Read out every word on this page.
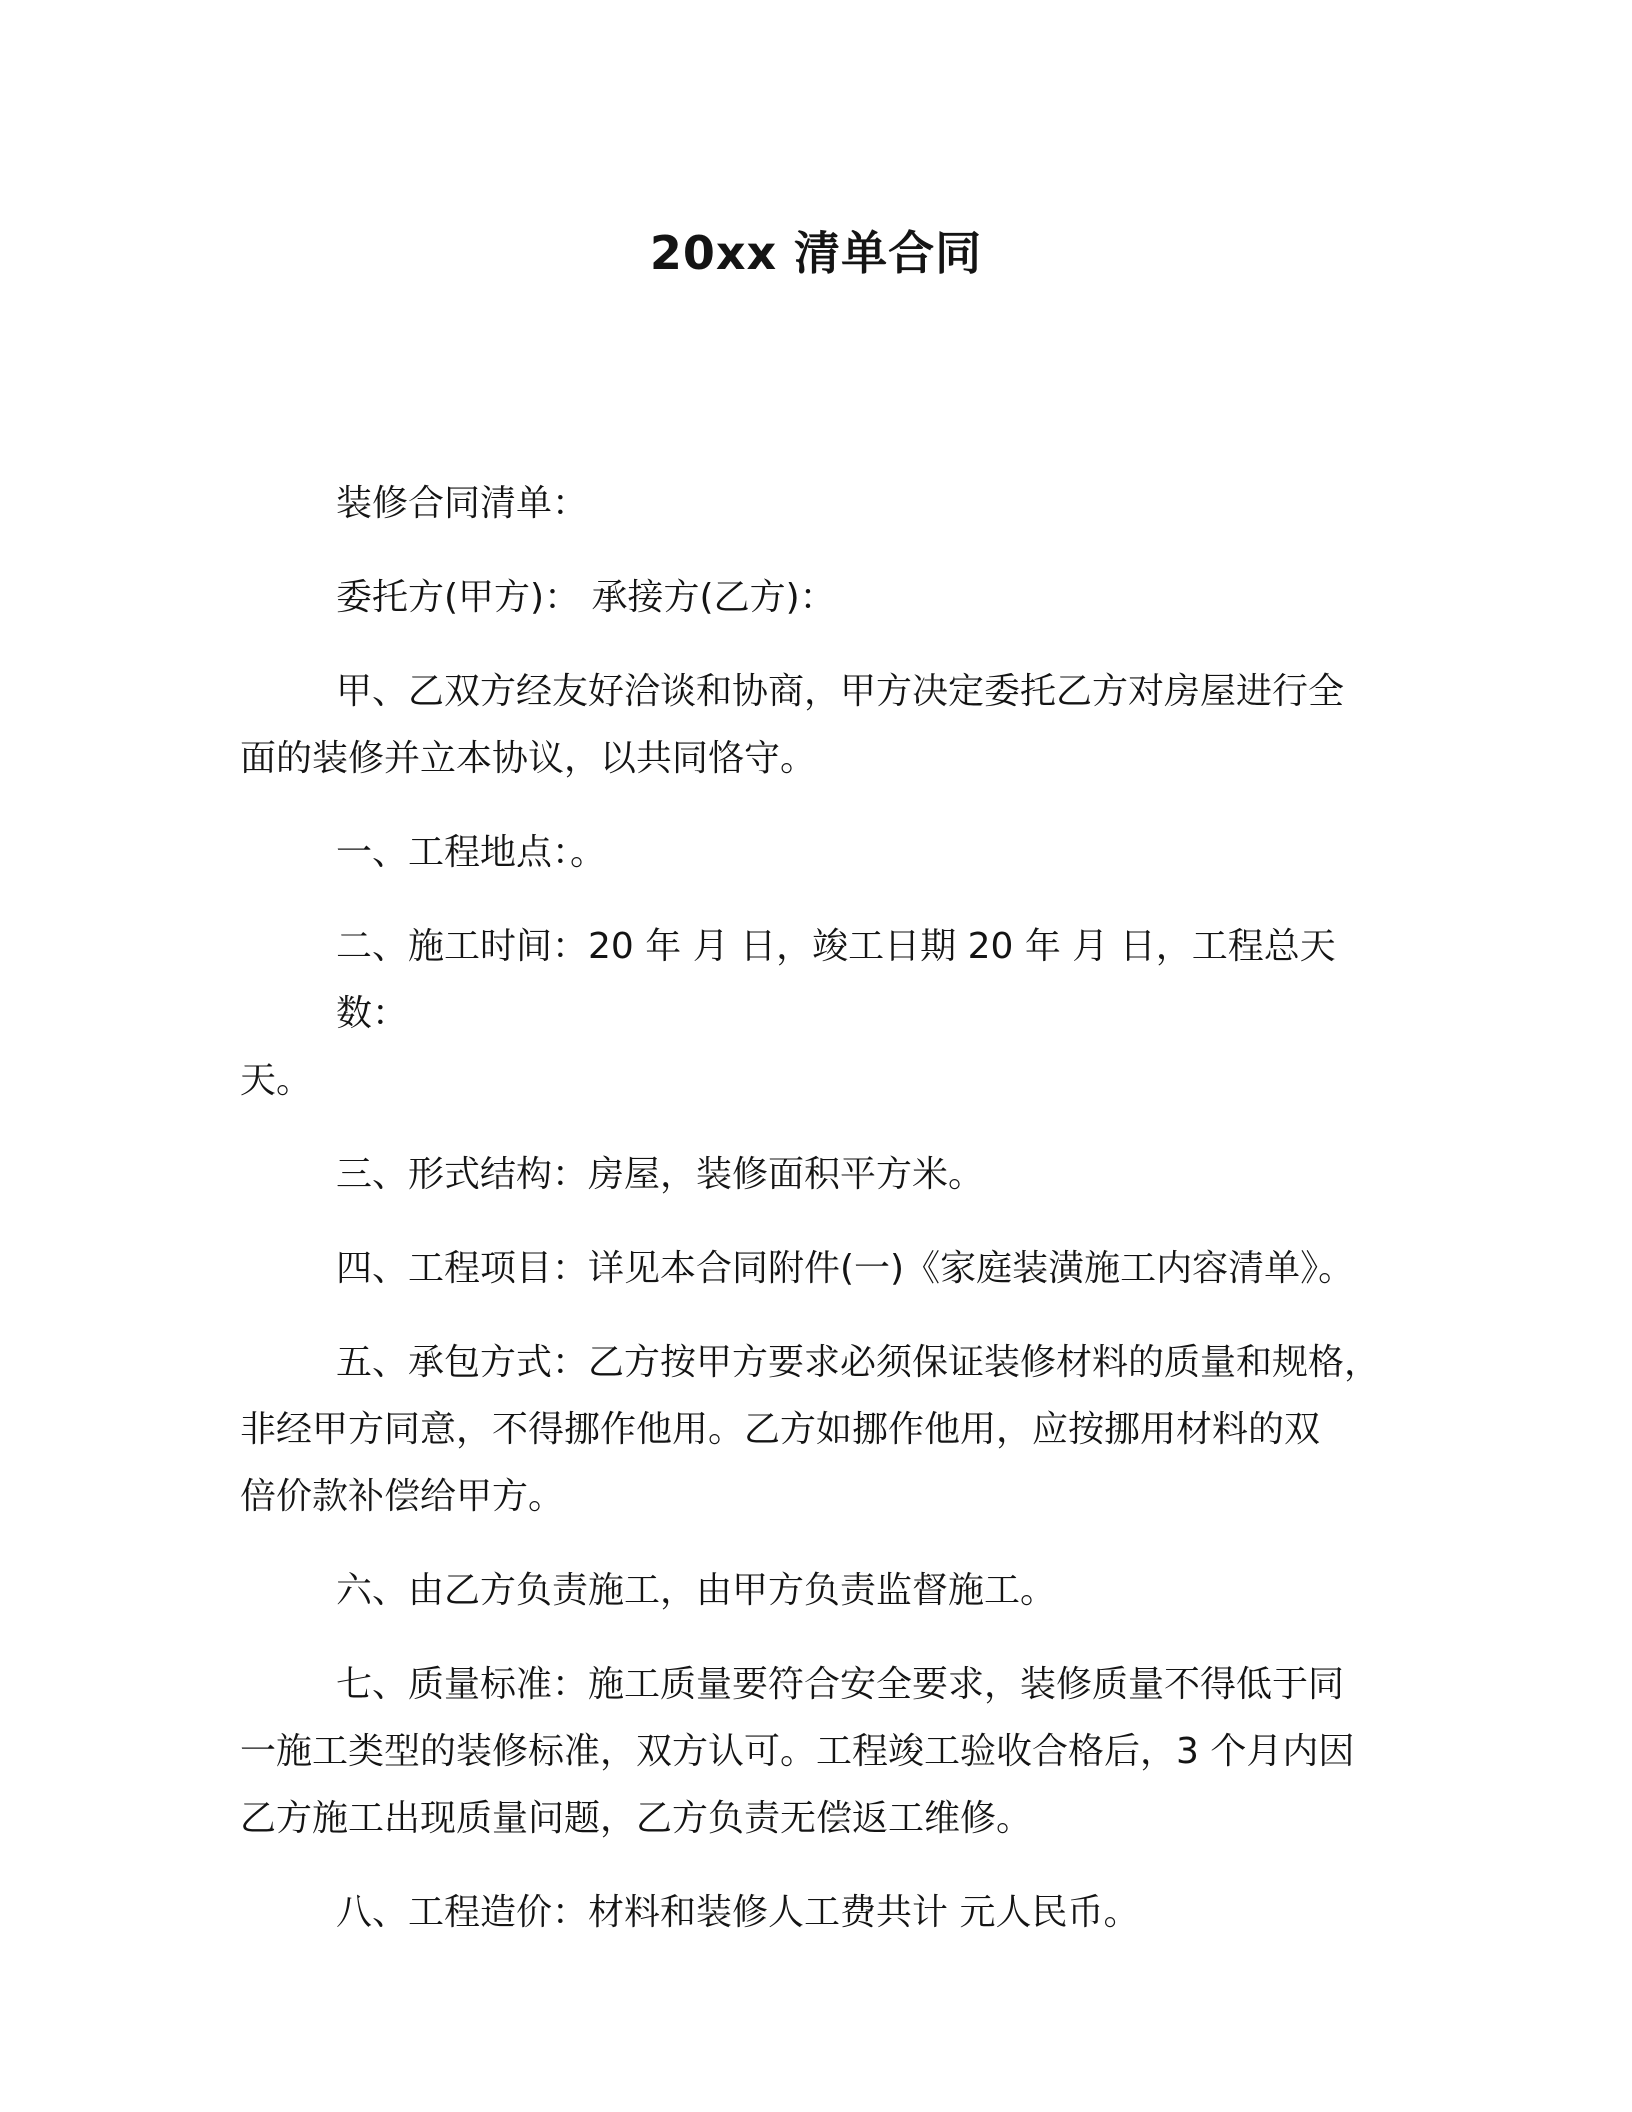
20xx 清单合同

装修合同清单：

委托方(甲方)： 承接方(乙方)：

甲、乙双方经友好洽谈和协商，甲方决定委托乙方对房屋进行全
面的装修并立本协议，以共同恪守。

一、工程地点：。

二、施工时间：20 年 月 日，竣工日期 20 年 月 日，工程总天数：
天。

三、形式结构：房屋，装修面积平方米。

四、工程项目：详见本合同附件(一)《家庭装潢施工内容清单》。

五、承包方式：乙方按甲方要求必须保证装修材料的质量和规格，
非经甲方同意，不得挪作他用。乙方如挪作他用，应按挪用材料的双
倍价款补偿给甲方。

六、由乙方负责施工，由甲方负责监督施工。

七、质量标准：施工质量要符合安全要求，装修质量不得低于同
一施工类型的装修标准，双方认可。工程竣工验收合格后，3 个月内因
乙方施工出现质量问题，乙方负责无偿返工维修。

八、工程造价：材料和装修人工费共计 元人民币。
